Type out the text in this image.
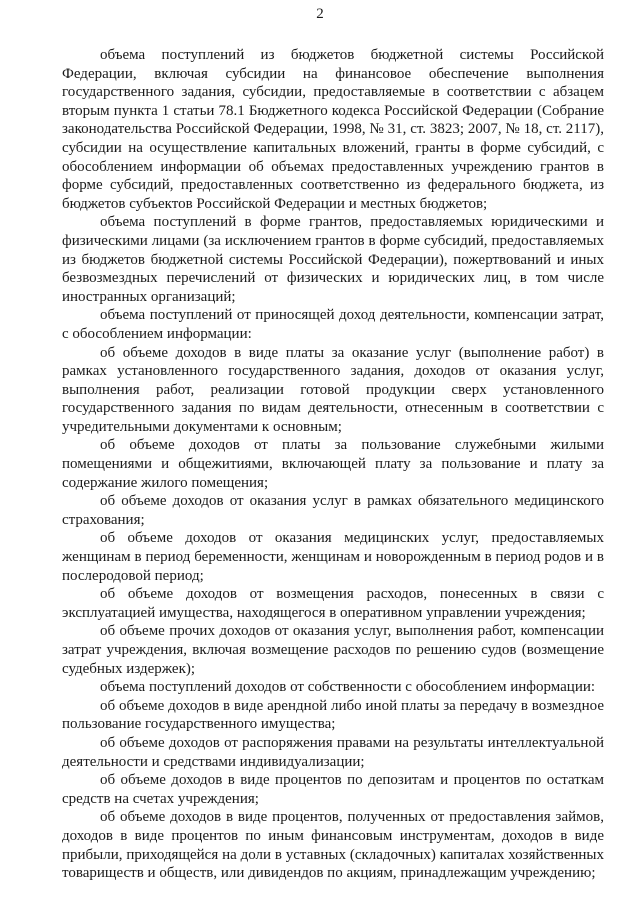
2

объема поступлений из бюджетов бюджетной системы Российской Федерации, включая субсидии на финансовое обеспечение выполнения государственного задания, субсидии, предоставляемые в соответствии с абзацем вторым пункта 1 статьи 78.1 Бюджетного кодекса Российской Федерации (Собрание законодательства Российской Федерации, 1998, № 31, ст. 3823; 2007, № 18, ст. 2117), субсидии на осуществление капитальных вложений, гранты в форме субсидий, с обособлением информации об объемах предоставленных учреждению грантов в форме субсидий, предоставленных соответственно из федерального бюджета, из бюджетов субъектов Российской Федерации и местных бюджетов;

объема поступлений в форме грантов, предоставляемых юридическими и физическими лицами (за исключением грантов в форме субсидий, предоставляемых из бюджетов бюджетной системы Российской Федерации), пожертвований и иных безвозмездных перечислений от физических и юридических лиц, в том числе иностранных организаций;

объема поступлений от приносящей доход деятельности, компенсации затрат, с обособлением информации:

об объеме доходов в виде платы за оказание услуг (выполнение работ) в рамках установленного государственного задания, доходов от оказания услуг, выполнения работ, реализации готовой продукции сверх установленного государственного задания по видам деятельности, отнесенным в соответствии с учредительными документами к основным;

об объеме доходов от платы за пользование служебными жилыми помещениями и общежитиями, включающей плату за пользование и плату за содержание жилого помещения;

об объеме доходов от оказания услуг в рамках обязательного медицинского страхования;

об объеме доходов от оказания медицинских услуг, предоставляемых женщинам в период беременности, женщинам и новорожденным в период родов и в послеродовой период;

об объеме доходов от возмещения расходов, понесенных в связи с эксплуатацией имущества, находящегося в оперативном управлении учреждения;

об объеме прочих доходов от оказания услуг, выполнения работ, компенсации затрат учреждения, включая возмещение расходов по решению судов (возмещение судебных издержек);

объема поступлений доходов от собственности с обособлением информации:

об объеме доходов в виде арендной либо иной платы за передачу в возмездное пользование государственного имущества;

об объеме доходов от распоряжения правами на результаты интеллектуальной деятельности и средствами индивидуализации;

об объеме доходов в виде процентов по депозитам и процентов по остаткам средств на счетах учреждения;

об объеме доходов в виде процентов, полученных от предоставления займов, доходов в виде процентов по иным финансовым инструментам, доходов в виде прибыли, приходящейся на доли в уставных (складочных) капиталах хозяйственных товариществ и обществ, или дивидендов по акциям, принадлежащим учреждению;
